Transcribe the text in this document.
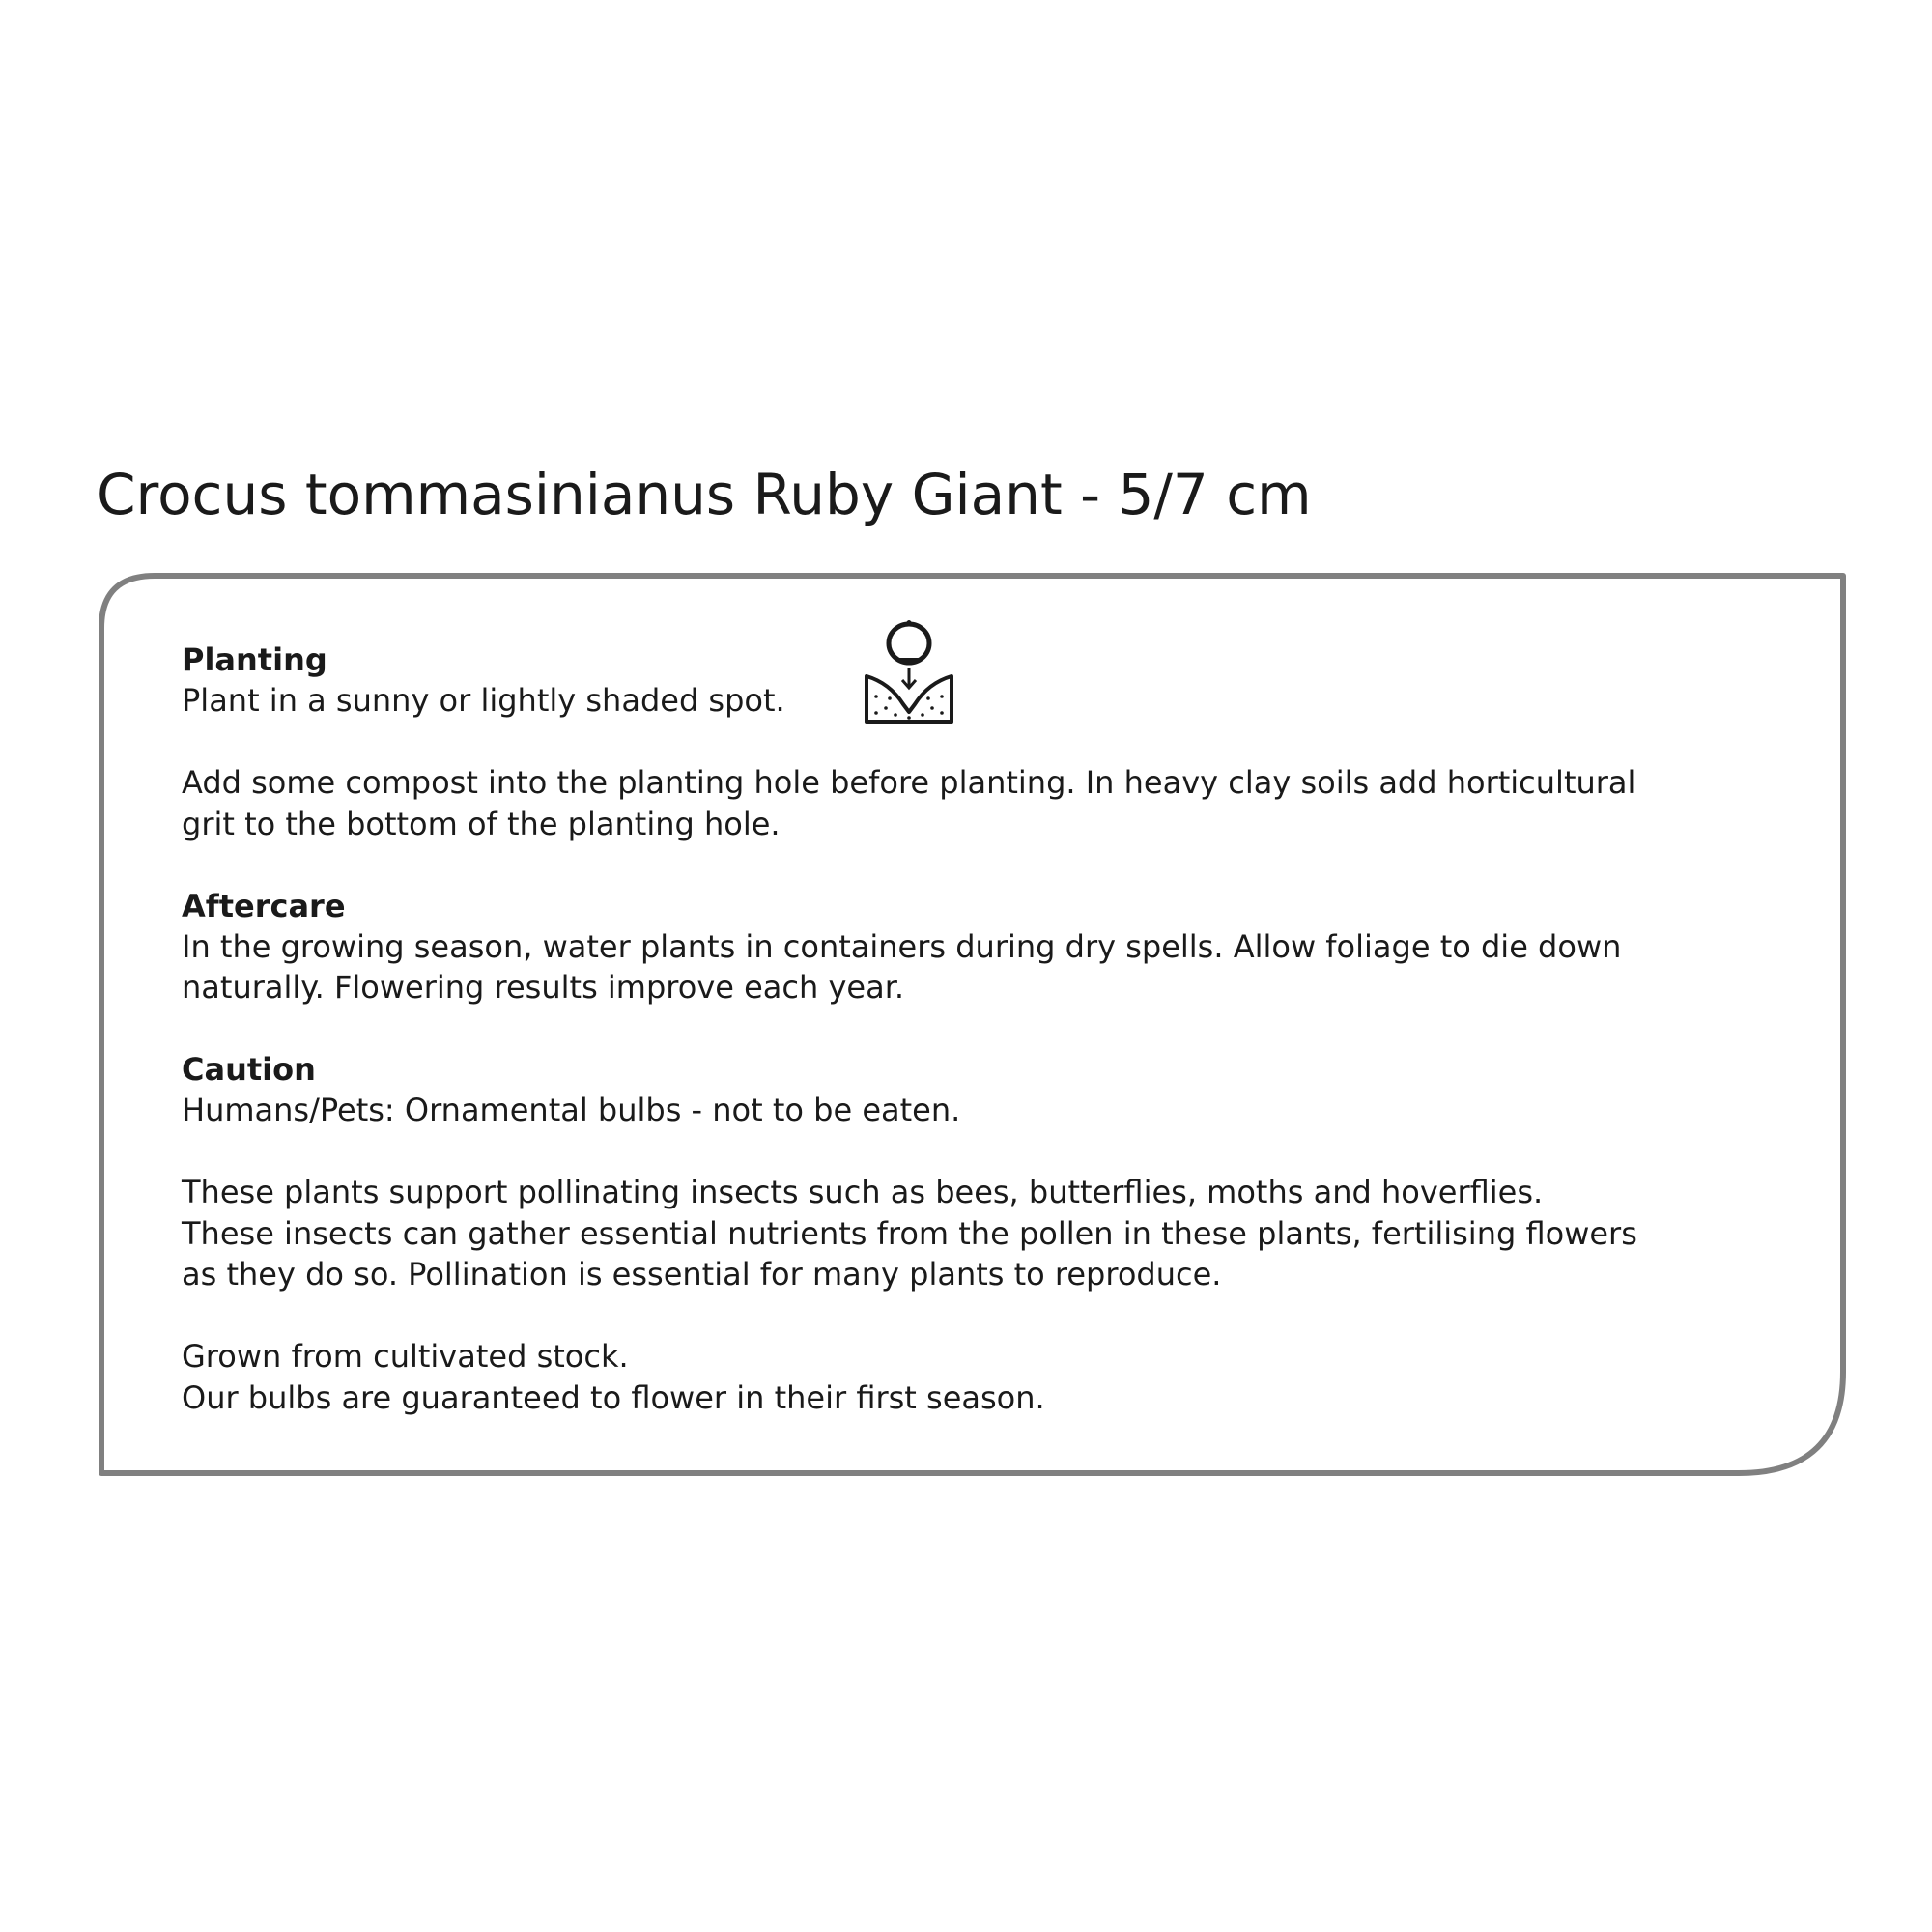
Crocus tommasinianus Ruby Giant - 5/7 cm
Planting

Plant in a sunny or lightly shaded spot.

Add some compost into the planting hole before planting. In heavy clay soils add horticultural

grit to the bottom of the planting hole.

Aftercare

In the growing season, water plants in containers during dry spells. Allow foliage to die down

naturally. Flowering results improve each year.

Caution

Humans/Pets: Ornamental bulbs - not to be eaten.

These plants support pollinating insects such as bees, butterflies, moths and hoverflies.

These insects can gather essential nutrients from the pollen in these plants, fertilising flowers

as they do so. Pollination is essential for many plants to reproduce.

Grown from cultivated stock.

Our bulbs are guaranteed to flower in their first season.
